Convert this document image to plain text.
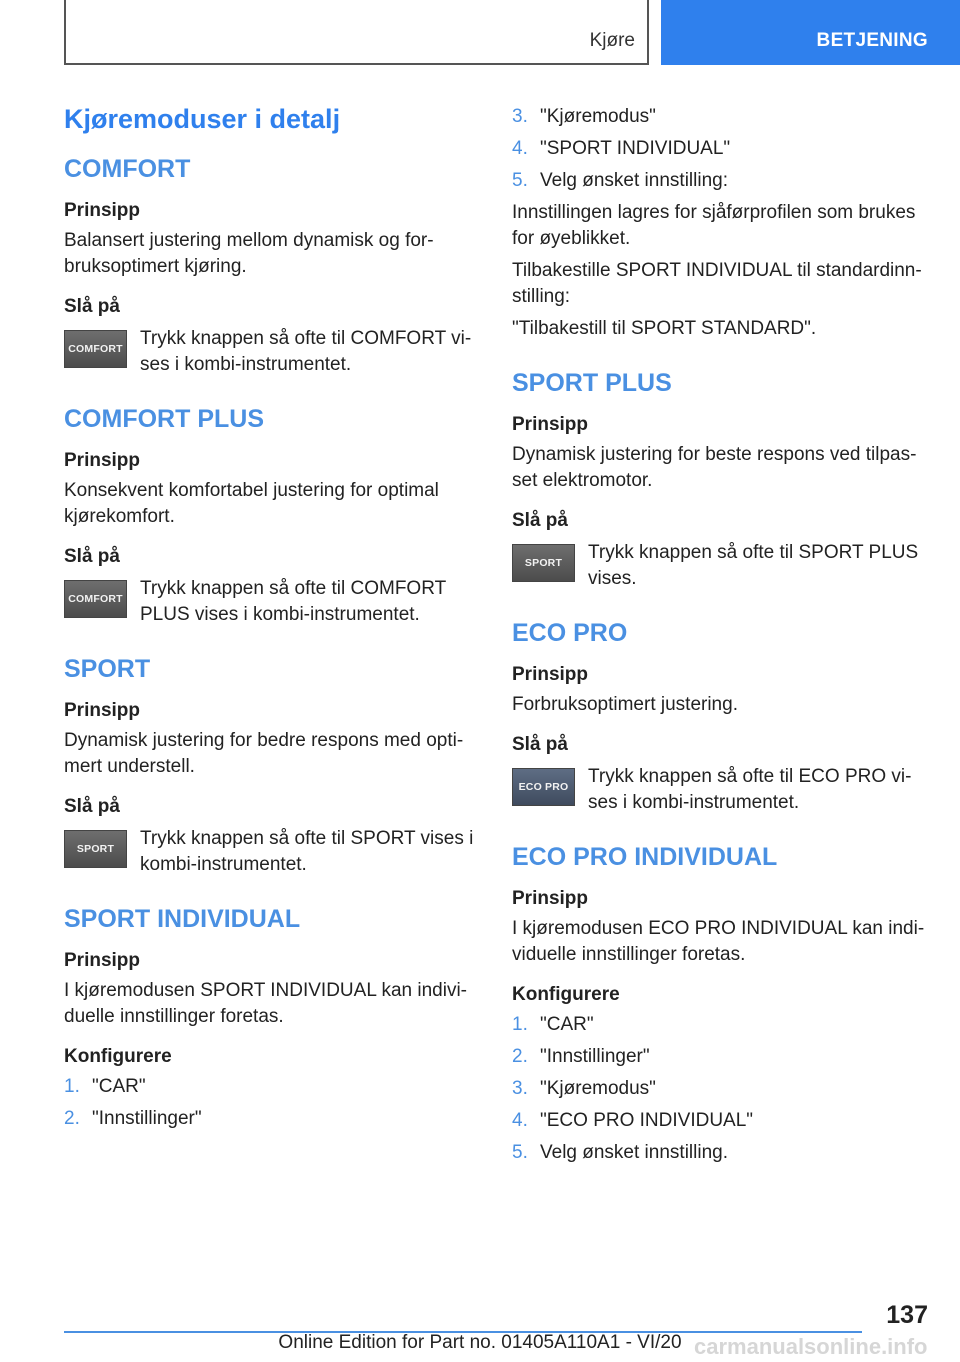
Kjøre	BETJENING
Kjøremoduser i detalj
COMFORT
Prinsipp

Balansert justering mellom dynamisk og for‐bruksoptimert kjøring.

Slå på
COMFORT Trykk knappen så ofte til COMFORT vi‐ses i kombi-instrumentet.

COMFORT PLUS
Prinsipp

Konsekvent komfortabel justering for optimal kjørekomfort.

Slå på
COMFORT Trykk knappen så ofte til COMFORT PLUS vises i kombi-instrumentet.

SPORT
Prinsipp

Dynamisk justering for bedre respons med opti‐mert understell.

Slå på
SPORT	Trykk knappen så ofte til SPORT vises i kombi-instrumentet.

SPORT INDIVIDUAL
Prinsipp

I kjøremodusen SPORT INDIVIDUAL kan indivi‐duelle innstillinger foretas.

Konfigurere
1. "CAR"
2. "Innstillinger"
3. "Kjøremodus"
4. "SPORT INDIVIDUAL"
5. Velg ønsket innstilling:

Innstillingen lagres for sjåførprofilen som brukes for øyeblikket.

Tilbakestille SPORT INDIVIDUAL til standardinn‐stilling:

"Tilbakestill til SPORT STANDARD".

SPORT PLUS
Prinsipp

Dynamisk justering for beste respons ved tilpas‐set elektromotor.

Slå på
SPORT	Trykk knappen så ofte til SPORT PLUS vises.

ECO PRO
Prinsipp

Forbruksoptimert justering.

Slå på
ECO PRO	Trykk knappen så ofte til ECO PRO vi‐ses i kombi-instrumentet.

ECO PRO INDIVIDUAL
Prinsipp

I kjøremodusen ECO PRO INDIVIDUAL kan indi‐viduelle innstillinger foretas.

Konfigurere
1. "CAR"
2. "Innstillinger"
3. "Kjøremodus"
4. "ECO PRO INDIVIDUAL"
5. Velg ønsket innstilling.
137
Online Edition for Part no. 01405A110A1 - VI/20 carmanualsonline.info
